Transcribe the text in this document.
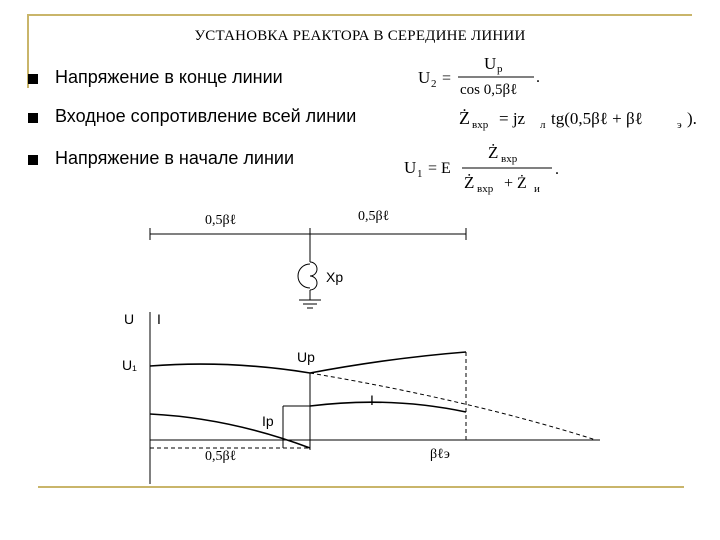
УСТАНОВКА РЕАКТОРА В СЕРЕДИНЕ ЛИНИИ
Напряжение в конце линии
Входное сопротивление всей линии
Напряжение в начале линии
U 2 =
U р
cos 0,5βℓ
.
Ż вхр = jz л tg(0,5βℓ + βℓ	э ).
U 1 = E
Ż вхр
Ż вхр + Ż и
.
0,5βℓ	0,5βℓ
Xр
U I
U₁	Uр
I
Iр
0,5βℓ	βℓэ
